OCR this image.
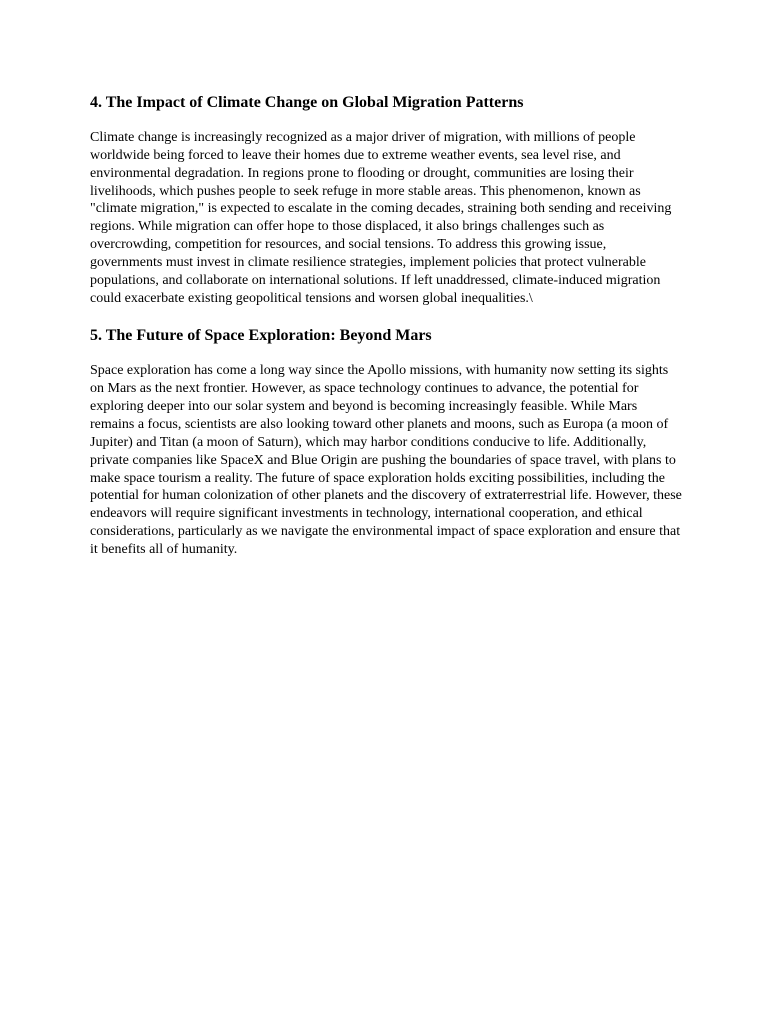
4. The Impact of Climate Change on Global Migration Patterns

Climate change is increasingly recognized as a major driver of migration, with millions of people worldwide being forced to leave their homes due to extreme weather events, sea level rise, and environmental degradation. In regions prone to flooding or drought, communities are losing their livelihoods, which pushes people to seek refuge in more stable areas. This phenomenon, known as "climate migration," is expected to escalate in the coming decades, straining both sending and receiving regions. While migration can offer hope to those displaced, it also brings challenges such as overcrowding, competition for resources, and social tensions. To address this growing issue, governments must invest in climate resilience strategies, implement policies that protect vulnerable populations, and collaborate on international solutions. If left unaddressed, climate-induced migration could exacerbate existing geopolitical tensions and worsen global inequalities.\

5. The Future of Space Exploration: Beyond Mars

Space exploration has come a long way since the Apollo missions, with humanity now setting its sights on Mars as the next frontier. However, as space technology continues to advance, the potential for exploring deeper into our solar system and beyond is becoming increasingly feasible. While Mars remains a focus, scientists are also looking toward other planets and moons, such as Europa (a moon of Jupiter) and Titan (a moon of Saturn), which may harbor conditions conducive to life. Additionally, private companies like SpaceX and Blue Origin are pushing the boundaries of space travel, with plans to make space tourism a reality. The future of space exploration holds exciting possibilities, including the potential for human colonization of other planets and the discovery of extraterrestrial life. However, these endeavors will require significant investments in technology, international cooperation, and ethical considerations, particularly as we navigate the environmental impact of space exploration and ensure that it benefits all of humanity.
